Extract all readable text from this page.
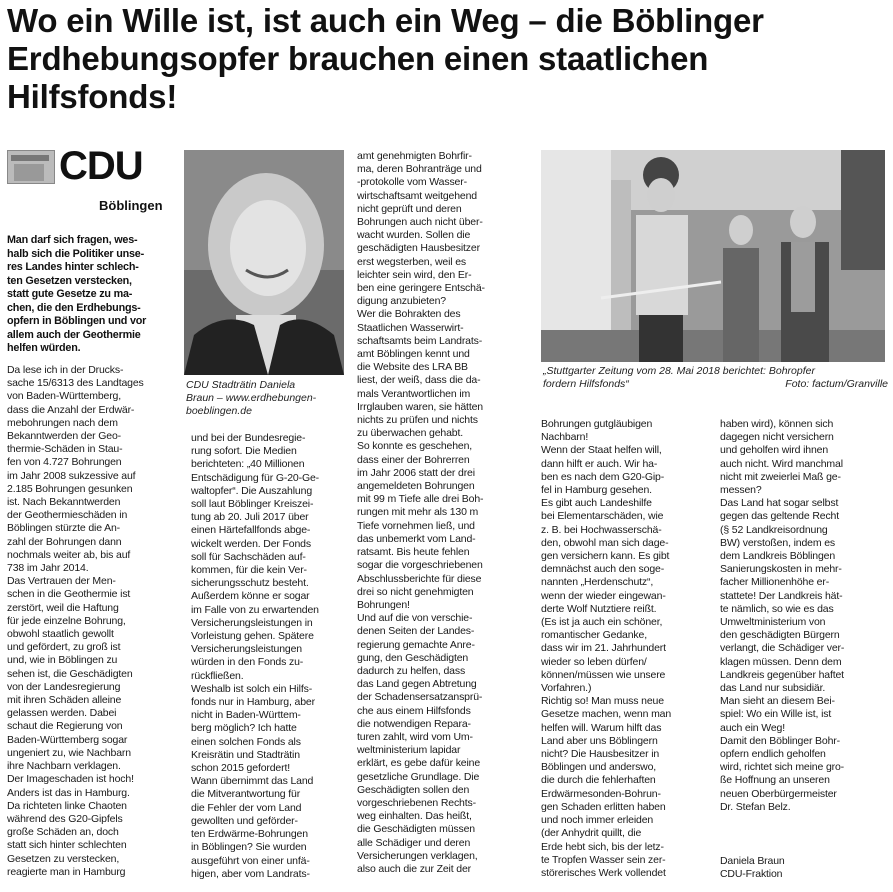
Wo ein Wille ist, ist auch ein Weg – die Böblinger Erdhebungsopfer brauchen einen staatlichen Hilfsfonds!
CDU
Böblingen
Man darf sich fragen, wes-
halb sich die Politiker unse-
res Landes hinter schlech-
ten Gesetzen verstecken,
statt gute Gesetze zu ma-
chen, die den Erdhebungs-
opfern in Böblingen und vor
allem auch der Geothermie
helfen würden.
Da lese ich in der Drucks-
sache 15/6313 des Landtages
von Baden-Württemberg,
dass die Anzahl der Erdwär-
mebohrungen nach dem
Bekanntwerden der Geo-
thermie-Schäden in Stau-
fen von 4.727 Bohrungen
im Jahr 2008 sukzessive auf
2.185 Bohrungen gesunken
ist. Nach Bekanntwerden
der Geothermieschäden in
Böblingen stürzte die An-
zahl der Bohrungen dann
nochmals weiter ab, bis auf
738 im Jahr 2014.
Das Vertrauen der Men-
schen in die Geothermie ist
zerstört, weil die Haftung
für jede einzelne Bohrung,
obwohl staatlich gewollt
und gefördert, zu groß ist
und, wie in Böblingen zu
sehen ist, die Geschädigten
von der Landesregierung
mit ihren Schäden alleine
gelassen werden. Dabei
schaut die Regierung von
Baden-Württemberg sogar
ungeniert zu, wie Nachbarn
ihre Nachbarn verklagen.
Der Imageschaden ist hoch!
Anders ist das in Hamburg.
Da richteten linke Chaoten
während des G20-Gipfels
große Schäden an, doch
statt sich hinter schlechten
Gesetzen zu verstecken,
reagierte man in Hamburg
CDU Stadträtin Daniela
Braun – www.erdhebungen-
boeblingen.de
und bei der Bundesregie-
rung sofort. Die Medien
berichteten: „40 Millionen
Entschädigung für G-20-Ge-
waltopfer“. Die Auszahlung
soll laut Böblinger Kreiszei-
tung ab 20. Juli 2017 über
einen Härtefallfonds abge-
wickelt werden. Der Fonds
soll für Sachschäden auf-
kommen, für die kein Ver-
sicherungsschutz besteht.
Außerdem könne er sogar
im Falle von zu erwartenden
Versicherungsleistungen in
Vorleistung gehen. Spätere
Versicherungsleistungen
würden in den Fonds zu-
rückfließen.
Weshalb ist solch ein Hilfs-
fonds nur in Hamburg, aber
nicht in Baden-Württem-
berg möglich? Ich hatte
einen solchen Fonds als
Kreisrätin und Stadträtin
schon 2015 gefordert!
Wann übernimmt das Land
die Mitverantwortung für
die Fehler der vom Land
gewollten und geförder-
ten Erdwärme-Bohrungen
in Böblingen? Sie wurden
ausgeführt von einer unfä-
higen, aber vom Landrats-
amt genehmigten Bohrfir-
ma, deren Bohranträge und
-protokolle vom Wasser-
wirtschaftsamt weitgehend
nicht geprüft und deren
Bohrungen auch nicht über-
wacht wurden. Sollen die
geschädigten Hausbesitzer
erst wegsterben, weil es
leichter sein wird, den Er-
ben eine geringere Entschä-
digung anzubieten?
Wer die Bohrakten des
Staatlichen Wasserwirt-
schaftsamts beim Landrats-
amt Böblingen kennt und
die Website des LRA BB
liest, der weiß, dass die da-
mals Verantwortlichen im
Irrglauben waren, sie hätten
nichts zu prüfen und nichts
zu überwachen gehabt.
So konnte es geschehen,
dass einer der Bohrerren
im Jahr 2006 statt der drei
angemeldeten Bohrungen
mit 99 m Tiefe alle drei Boh-
rungen mit mehr als 130 m
Tiefe vornehmen ließ, und
das unbemerkt vom Land-
ratsamt. Bis heute fehlen
sogar die vorgeschriebenen
Abschlussberichte für diese
drei so nicht genehmigten
Bohrungen!
Und auf die von verschie-
denen Seiten der Landes-
regierung gemachte Anre-
gung, den Geschädigten
dadurch zu helfen, dass
das Land gegen Abtretung
der Schadensersatzansprü-
che aus einem Hilfsfonds
die notwendigen Repara-
turen zahlt, wird vom Um-
weltministerium lapidar
erklärt, es gebe dafür keine
gesetzliche Grundlage. Die
Geschädigten sollen den
vorgeschriebenen Rechts-
weg einhalten. Das heißt,
die Geschädigten müssen
alle Schädiger und deren
Versicherungen verklagen,
also auch die zur Zeit der
„Stuttgarter Zeitung vom 28. Mai 2018 berichtet: Bohropfer
fordern Hilfsfonds“	Foto: factum/Granville
Bohrungen gutgläubigen
Nachbarn!
Wenn der Staat helfen will,
dann hilft er auch. Wir ha-
ben es nach dem G20-Gip-
fel in Hamburg gesehen.
Es gibt auch Landeshilfe
bei Elementarschäden, wie
z. B. bei Hochwasserschä-
den, obwohl man sich dage-
gen versichern kann. Es gibt
demnächst auch den soge-
nannten „Herdenschutz“,
wenn der wieder eingewan-
derte Wolf Nutztiere reißt.
(Es ist ja auch ein schöner,
romantischer Gedanke,
dass wir im 21. Jahrhundert
wieder so leben dürfen/
können/müssen wie unsere
Vorfahren.)
Richtig so! Man muss neue
Gesetze machen, wenn man
helfen will. Warum hilft das
Land aber uns Böblingern
nicht? Die Hausbesitzer in
Böblingen und anderswo,
die durch die fehlerhaften
Erdwärmesonden-Bohrun-
gen Schaden erlitten haben
und noch immer erleiden
(der Anhydrit quillt, die
Erde hebt sich, bis der letz-
te Tropfen Wasser sein zer-
störerisches Werk vollendet
haben wird), können sich
dagegen nicht versichern
und geholfen wird ihnen
auch nicht. Wird manchmal
nicht mit zweierlei Maß ge-
messen?
Das Land hat sogar selbst
gegen das geltende Recht
(§ 52 Landkreisordnung
BW) verstoßen, indem es
dem Landkreis Böblingen
Sanierungskosten in mehr-
facher Millionenhöhe er-
stattete! Der Landkreis hät-
te nämlich, so wie es das
Umweltministerium von
den geschädigten Bürgern
verlangt, die Schädiger ver-
klagen müssen. Denn dem
Landkreis gegenüber haftet
das Land nur subsidiär.
Man sieht an diesem Bei-
spiel: Wo ein Wille ist, ist
auch ein Weg!
Damit den Böblinger Bohr-
opfern endlich geholfen
wird, richtet sich meine gro-
ße Hoffnung an unseren
neuen Oberbürgermeister
Dr. Stefan Belz.
Daniela Braun
CDU-Fraktion
